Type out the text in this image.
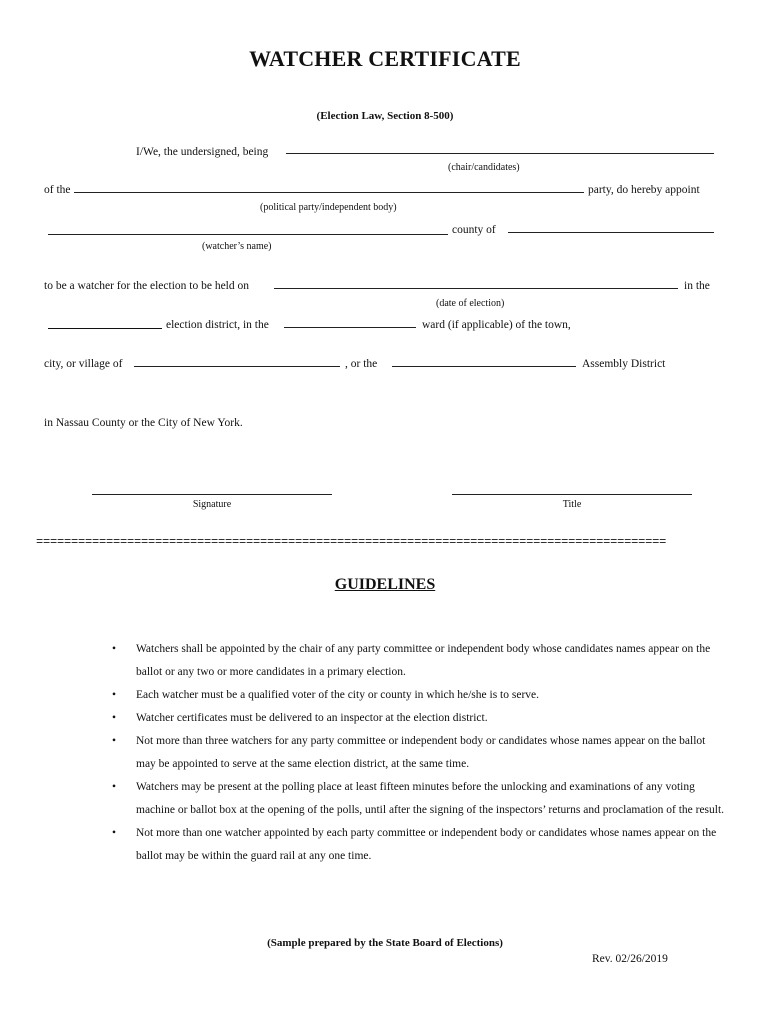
WATCHER CERTIFICATE
(Election Law, Section 8-500)
I/We, the undersigned, being
(chair/candidates)
of the	party, do hereby appoint
(political party/independent body)
county of
(watcher’s name)
to be a watcher for the election to be held on	in the
(date of election)
election district, in the	ward (if applicable) of the town,
city, or village of	, or the	Assembly District
in Nassau County or the City of New York.
Signature	Title
==========================================================================================
GUIDELINES
• Watchers shall be appointed by the chair of any party committee or independent body whose candidates names appear on the ballot or any two or more candidates in a primary election.
• Each watcher must be a qualified voter of the city or county in which he/she is to serve.
• Watcher certificates must be delivered to an inspector at the election district.
• Not more than three watchers for any party committee or independent body or candidates whose names appear on the ballot may be appointed to serve at the same election district, at the same time.
• Watchers may be present at the polling place at least fifteen minutes before the unlocking and examinations of any voting machine or ballot box at the opening of the polls, until after the signing of the inspectors’ returns and proclamation of the result.
• Not more than one watcher appointed by each party committee or independent body or candidates whose names appear on the ballot may be within the guard rail at any one time.
(Sample prepared by the State Board of Elections)
Rev. 02/26/2019
